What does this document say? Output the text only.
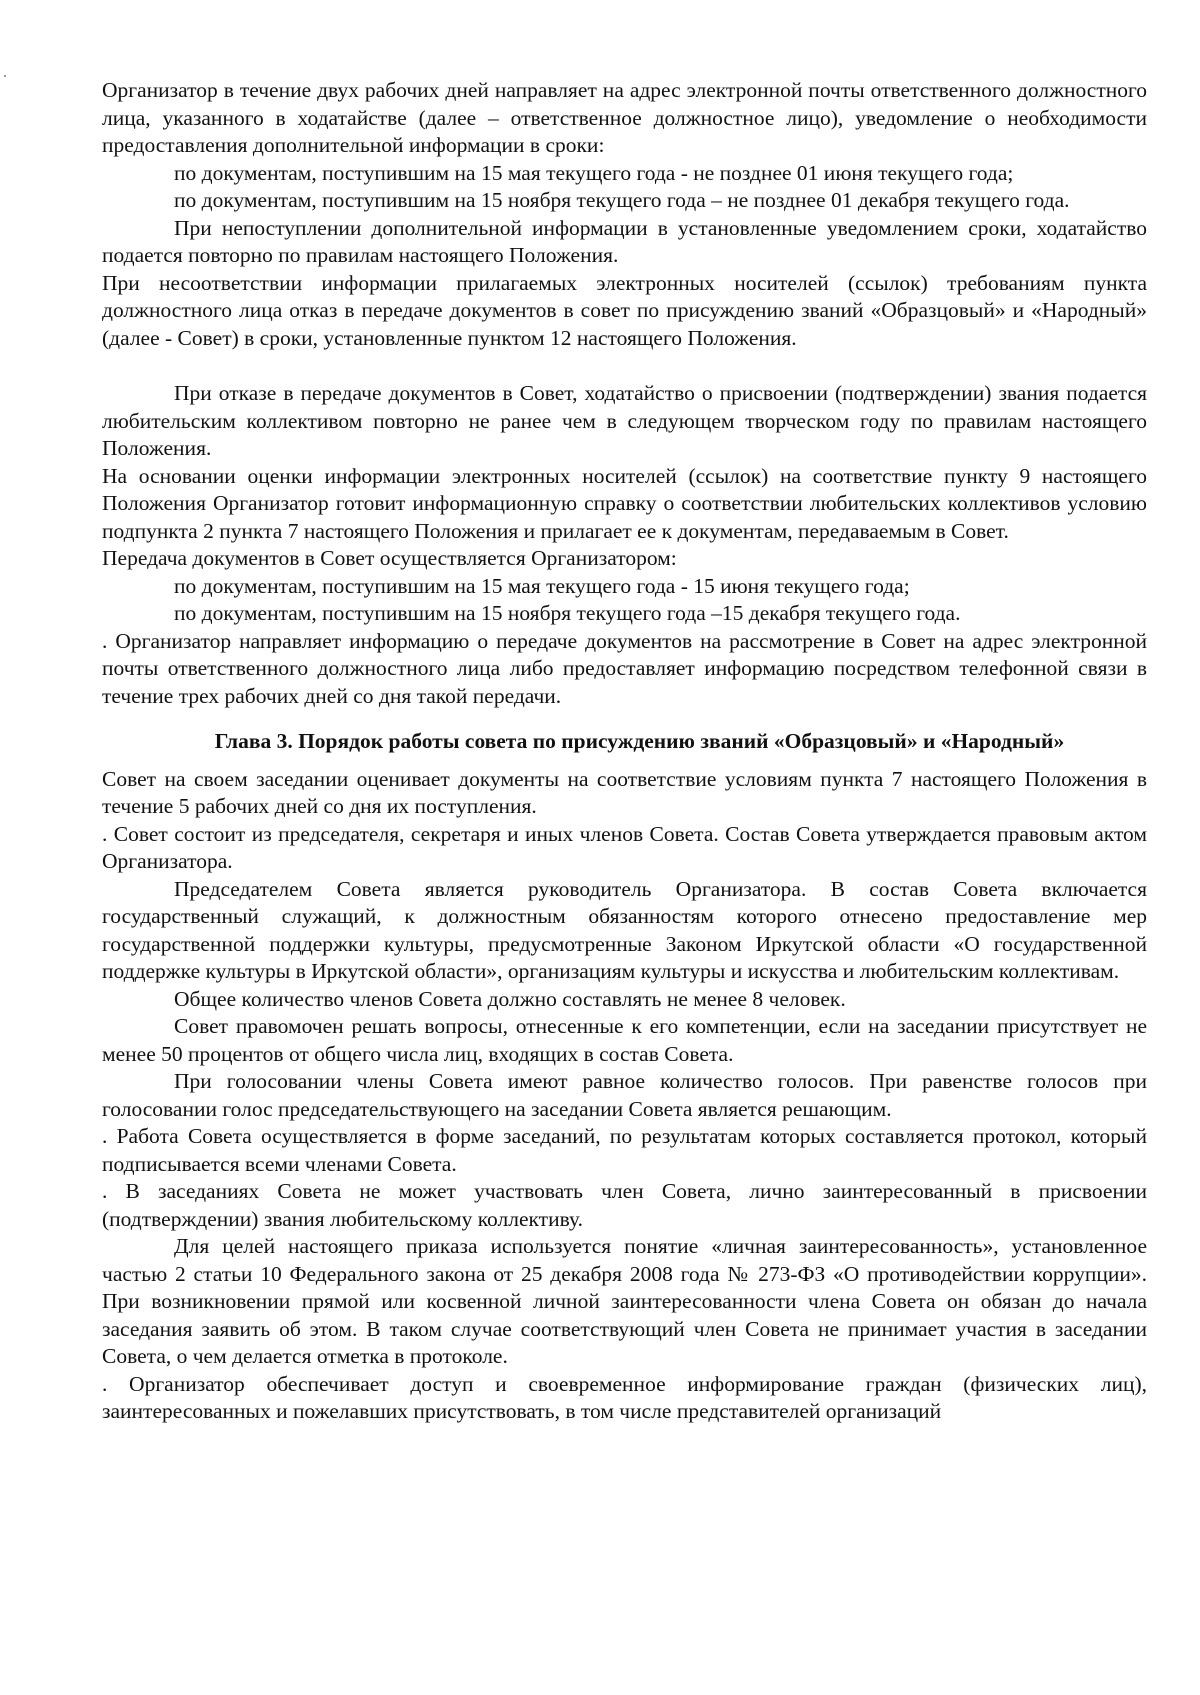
Организатор в течение двух рабочих дней направляет на адрес электронной почты ответственного должностного лица, указанного в ходатайстве (далее – ответственное должностное лицо), уведомление о необходимости предоставления дополнительной информации в сроки:

по документам, поступившим на 15 мая текущего года - не позднее 01 июня текущего года;

по документам, поступившим на 15 ноября текущего года – не позднее 01 декабря текущего года.

При непоступлении дополнительной информации в установленные уведомлением сроки, ходатайство подается повторно по правилам настоящего Положения.

При несоответствии информации прилагаемых электронных носителей (ссылок) требованиям пункта должностного лица отказ в передаче документов в совет по присуждению званий «Образцовый» и «Народный» (далее - Совет) в сроки, установленные пунктом 12 настоящего Положения.

При отказе в передаче документов в Совет, ходатайство о присвоении (подтверждении) звания подается любительским коллективом повторно не ранее чем в следующем творческом году по правилам настоящего Положения.

На основании оценки информации электронных носителей (ссылок) на соответствие пункту 9 настоящего Положения Организатор готовит информационную справку о соответствии любительских коллективов условию подпункта 2 пункта 7 настоящего Положения и прилагает ее к документам, передаваемым в Совет.

Передача документов в Совет осуществляется Организатором:

по документам, поступившим на 15 мая текущего года - 15 июня текущего года;

по документам, поступившим на 15 ноября текущего года –15 декабря текущего года.

. Организатор направляет информацию о передаче документов на рассмотрение в Совет на адрес электронной почты ответственного должностного лица либо предоставляет информацию посредством телефонной связи в течение трех рабочих дней со дня такой передачи.

Глава 3. Порядок работы совета по присуждению званий «Образцовый» и «Народный»

Совет на своем заседании оценивает документы на соответствие условиям пункта 7 настоящего Положения в течение 5 рабочих дней со дня их поступления.

. Совет состоит из председателя, секретаря и иных членов Совета. Состав Совета утверждается правовым актом Организатора.

Председателем Совета является руководитель Организатора. В состав Совета включается государственный служащий, к должностным обязанностям которого отнесено предоставление мер государственной поддержки культуры, предусмотренные Законом Иркутской области «О государственной поддержке культуры в Иркутской области», организациям культуры и искусства и любительским коллективам.

Общее количество членов Совета должно составлять не менее 8 человек.

Совет правомочен решать вопросы, отнесенные к его компетенции, если на заседании присутствует не менее 50 процентов от общего числа лиц, входящих в состав Совета.

При голосовании члены Совета имеют равное количество голосов. При равенстве голосов при голосовании голос председательствующего на заседании Совета является решающим.

. Работа Совета осуществляется в форме заседаний, по результатам которых составляется протокол, который подписывается всеми членами Совета.

. В заседаниях Совета не может участвовать член Совета, лично заинтересованный в присвоении (подтверждении) звания любительскому коллективу.

Для целей настоящего приказа используется понятие «личная заинтересованность», установленное частью 2 статьи 10 Федерального закона от 25 декабря 2008 года № 273-ФЗ «О противодействии коррупции». При возникновении прямой или косвенной личной заинтересованности члена Совета он обязан до начала заседания заявить об этом. В таком случае соответствующий член Совета не принимает участия в заседании Совета, о чем делается отметка в протоколе.

. Организатор обеспечивает доступ и своевременное информирование граждан (физических лиц), заинтересованных и пожелавших присутствовать, в том числе представителей организаций
